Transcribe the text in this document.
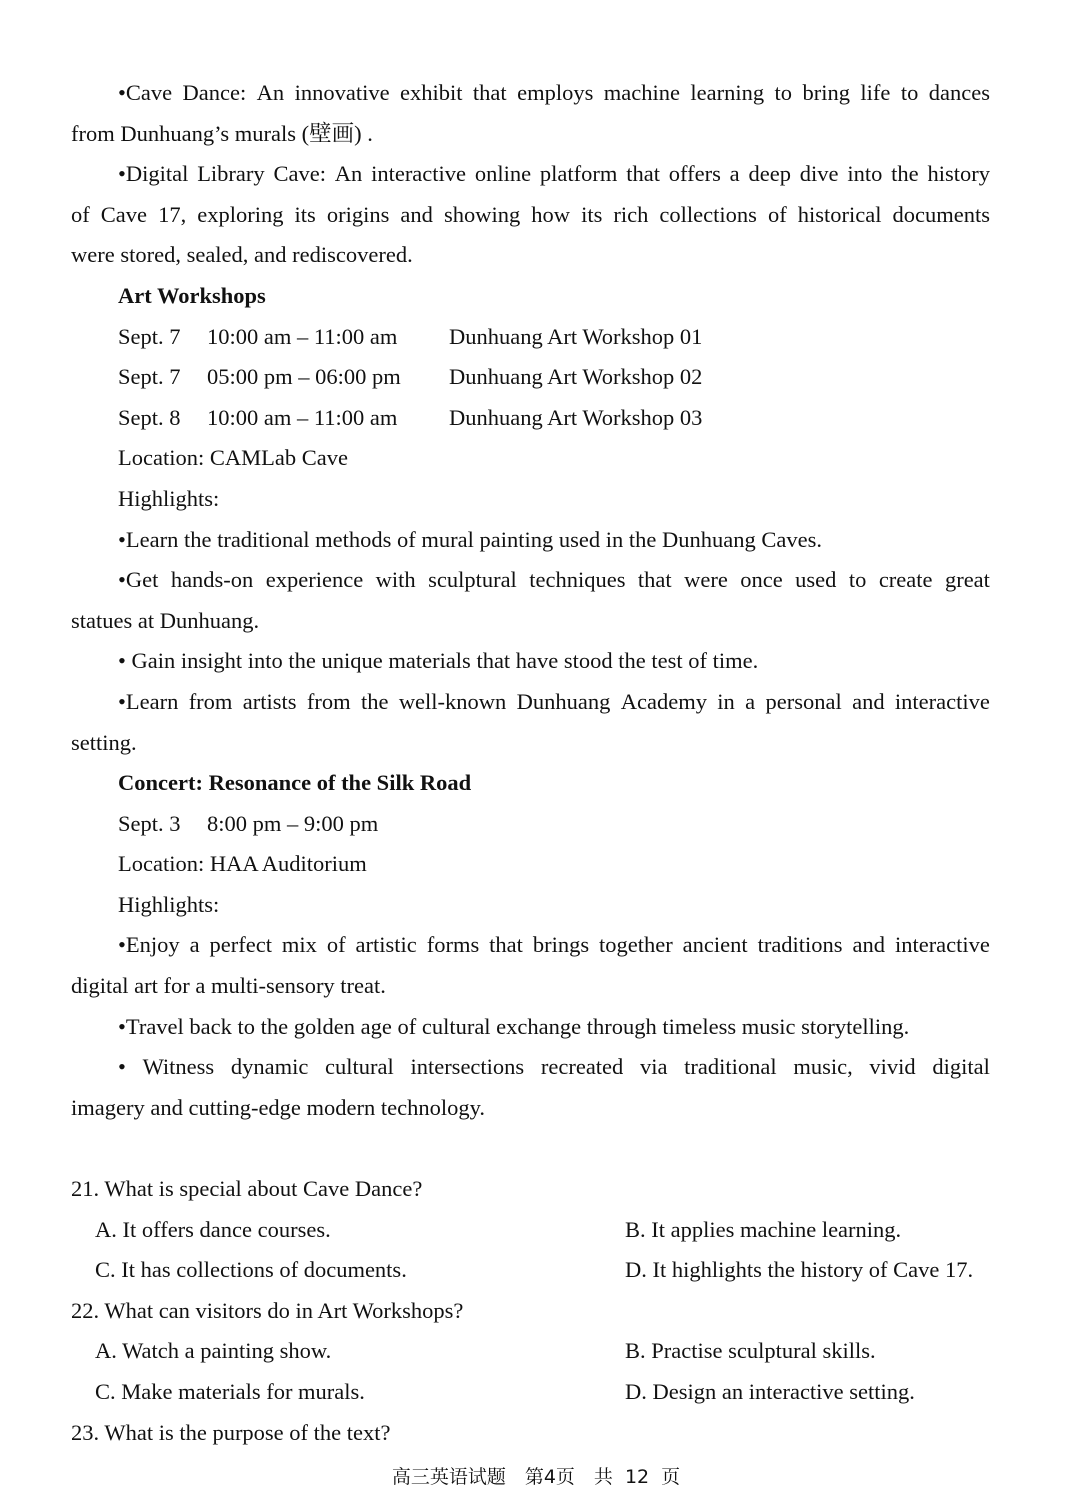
•Cave Dance: An innovative exhibit that employs machine learning to bring life to dances
from Dunhuang’s murals (壁画) .
•Digital Library Cave: An interactive online platform that offers a deep dive into the history
of Cave 17, exploring its origins and showing how its rich collections of historical documents
were stored, sealed, and rediscovered.
Art Workshops
Sept. 7	10:00 am – 11:00 am	Dunhuang Art Workshop 01
Sept. 7	05:00 pm – 06:00 pm	Dunhuang Art Workshop 02
Sept. 8	10:00 am – 11:00 am	Dunhuang Art Workshop 03
Location: CAMLab Cave
Highlights:
•Learn the traditional methods of mural painting used in the Dunhuang Caves.
•Get hands-on experience with sculptural techniques that were once used to create great
statues at Dunhuang.
• Gain insight into the unique materials that have stood the test of time.
•Learn from artists from the well-known Dunhuang Academy in a personal and interactive
setting.
Concert: Resonance of the Silk Road
Sept. 3	8:00 pm – 9:00 pm
Location: HAA Auditorium
Highlights:
•Enjoy a perfect mix of artistic forms that brings together ancient traditions and interactive
digital art for a multi-sensory treat.
•Travel back to the golden age of cultural exchange through timeless music storytelling.
• Witness dynamic cultural intersections recreated via traditional music, vivid digital
imagery and cutting-edge modern technology.
21. What is special about Cave Dance?
A. It offers dance courses.	B. It applies machine learning.
C. It has collections of documents.	D. It highlights the history of Cave 17.
22. What can visitors do in Art Workshops?
A. Watch a painting show.	B. Practise sculptural skills.
C. Make materials for murals.	D. Design an interactive setting.
23. What is the purpose of the text?
高三英语试题　第4页　共 12 页
